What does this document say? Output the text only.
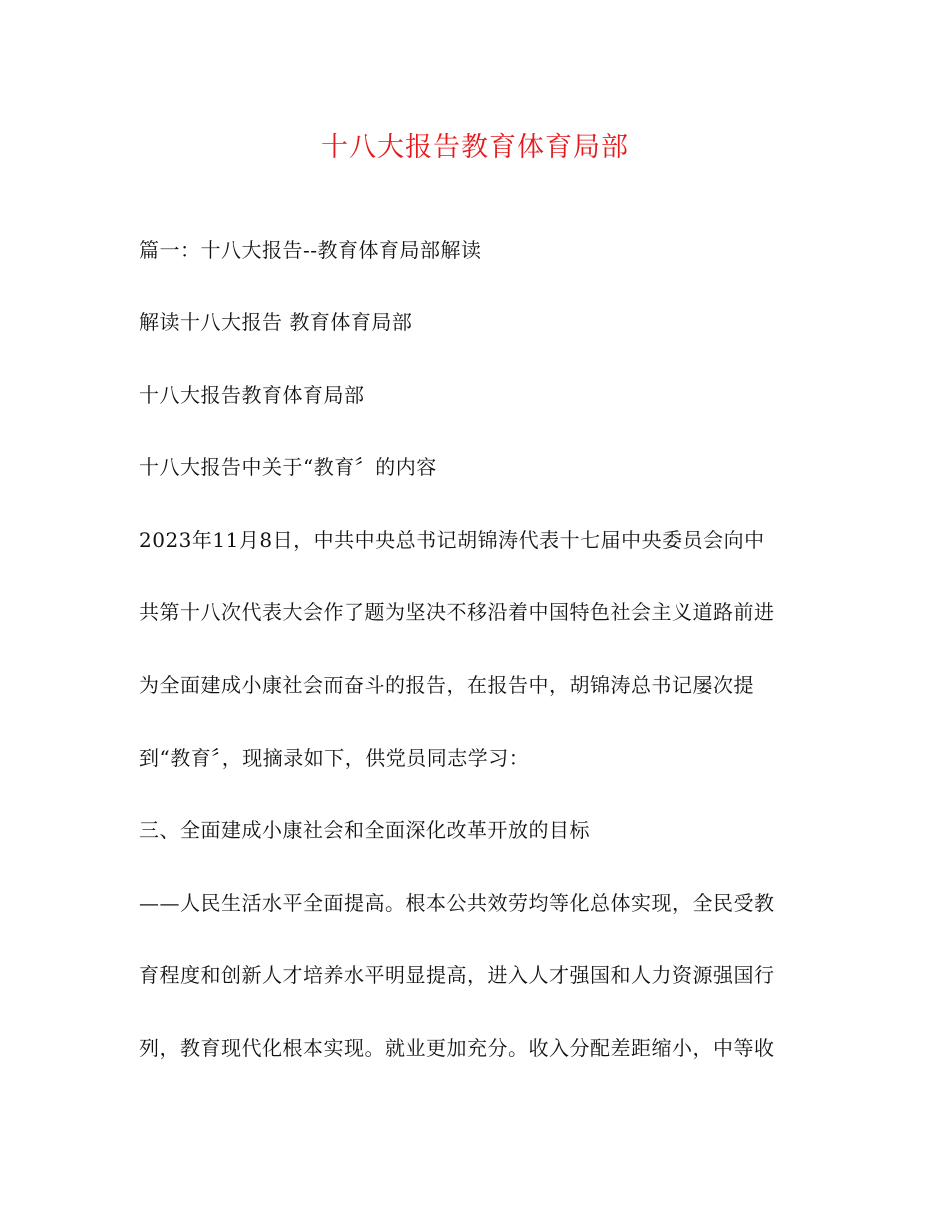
十八大报告教育体育局部
篇一：十八大报告--教育体育局部解读
解读十八大报告 教育体育局部
十八大报告教育体育局部
十八大报告中关于“教育〞的内容
2023年11月8日，中共中央总书记胡锦涛代表十七届中央委员会向中
共第十八次代表大会作了题为坚决不移沿着中国特色社会主义道路前进
为全面建成小康社会而奋斗的报告，在报告中，胡锦涛总书记屡次提
到“教育〞，现摘录如下，供党员同志学习：
三、全面建成小康社会和全面深化改革开放的目标
——人民生活水平全面提高。根本公共效劳均等化总体实现，全民受教
育程度和创新人才培养水平明显提高，进入人才强国和人力资源强国行
列，教育现代化根本实现。就业更加充分。收入分配差距缩小，中等收
